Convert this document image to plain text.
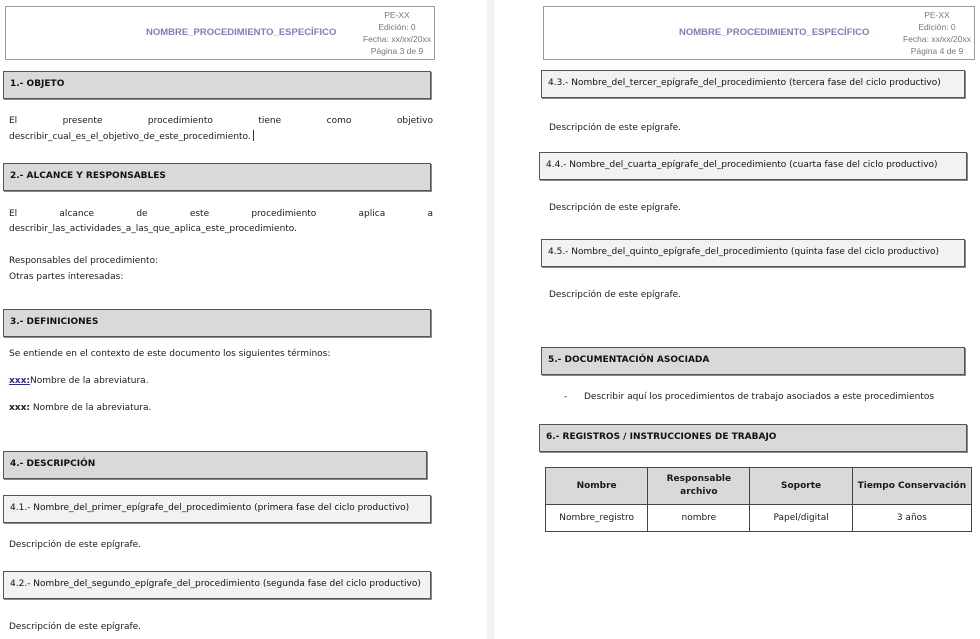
NOMBRE_PROCEDIMIENTO_ESPECÍFICO
PE-XX
Edición: 0
Fecha: xx/xx/20xx
Página 3 de 9
1.- OBJETO
El	presente	procedimiento	tiene	como	objetivo
describir_cual_es_el_objetivo_de_este_procedimiento.
2.- ALCANCE Y RESPONSABLES
El	alcance	de	este	procedimiento	aplica	a
describir_las_actividades_a_las_que_aplica_este_procedimiento.
Responsables del procedimiento:
Otras partes interesadas:
3.- DEFINICIONES
Se entiende en el contexto de este documento los siguientes términos:
xxx:Nombre de la abreviatura.
xxx: Nombre de la abreviatura.
4.- DESCRIPCIÓN
4.1.- Nombre_del_primer_epígrafe_del_procedimiento (primera fase del ciclo productivo)
Descripción de este epígrafe.
4.2.- Nombre_del_segundo_epígrafe_del_procedimiento (segunda fase del ciclo productivo)
Descripción de este epígrafe.
NOMBRE_PROCEDIMIENTO_ESPECÍFICO
PE-XX
Edición: 0
Fecha: xx/xx/20xx
Página 4 de 9
4.3.- Nombre_del_tercer_epígrafe_del_procedimiento (tercera fase del ciclo productivo)
Descripción de este epígrafe.
4.4.- Nombre_del_cuarta_epígrafe_del_procedimiento (cuarta fase del ciclo productivo)
Descripción de este epígrafe.
4.5.- Nombre_del_quinto_epígrafe_del_procedimiento (quinta fase del ciclo productivo)
Descripción de este epígrafe.
5.- DOCUMENTACIÓN ASOCIADA
- Describir aquí los procedimientos de trabajo asociados a este procedimientos
6.- REGISTROS / INSTRUCCIONES DE TRABAJO
Nombre	Responsable archivo	Soporte	Tiempo Conservación
Nombre_registro	nombre	Papel/digital	3 años
